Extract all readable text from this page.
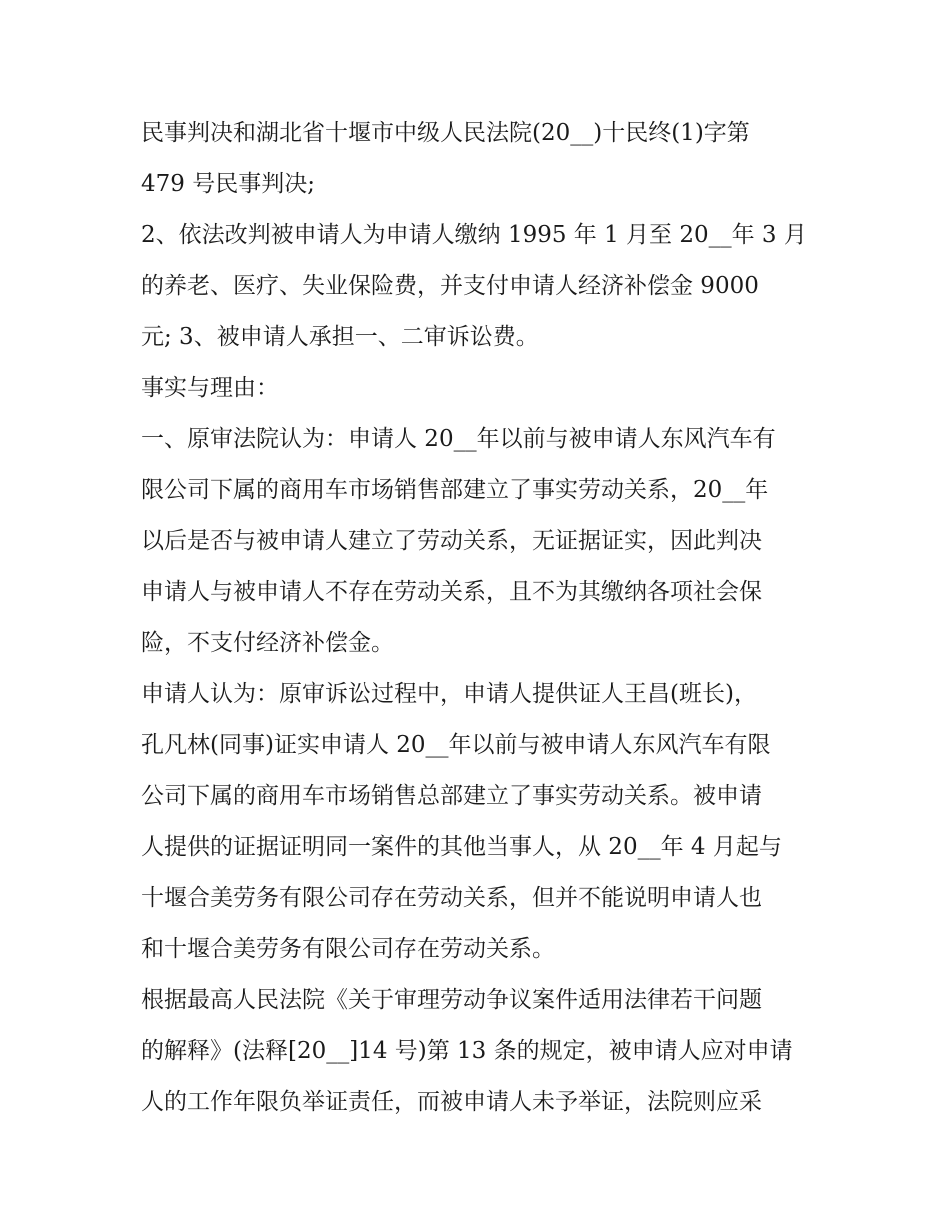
民事判决和湖北省十堰市中级人民法院(20__)十民终(1)字第
479 号民事判决;
2、依法改判被申请人为申请人缴纳 1995 年 1 月至 20__年 3 月
的养老、医疗、失业保险费，并支付申请人经济补偿金 9000
元; 3、被申请人承担一、二审诉讼费。
事实与理由：
一、原审法院认为：申请人 20__年以前与被申请人东风汽车有
限公司下属的商用车市场销售部建立了事实劳动关系，20__年
以后是否与被申请人建立了劳动关系，无证据证实，因此判决
申请人与被申请人不存在劳动关系，且不为其缴纳各项社会保
险，不支付经济补偿金。
申请人认为：原审诉讼过程中，申请人提供证人王昌(班长)，
孔凡林(同事)证实申请人 20__年以前与被申请人东风汽车有限
公司下属的商用车市场销售总部建立了事实劳动关系。被申请
人提供的证据证明同一案件的其他当事人，从 20__年 4 月起与
十堰合美劳务有限公司存在劳动关系，但并不能说明申请人也
和十堰合美劳务有限公司存在劳动关系。
根据最高人民法院《关于审理劳动争议案件适用法律若干问题
的解释》(法释[20__]14 号)第 13 条的规定，被申请人应对申请
人的工作年限负举证责任，而被申请人未予举证，法院则应采
